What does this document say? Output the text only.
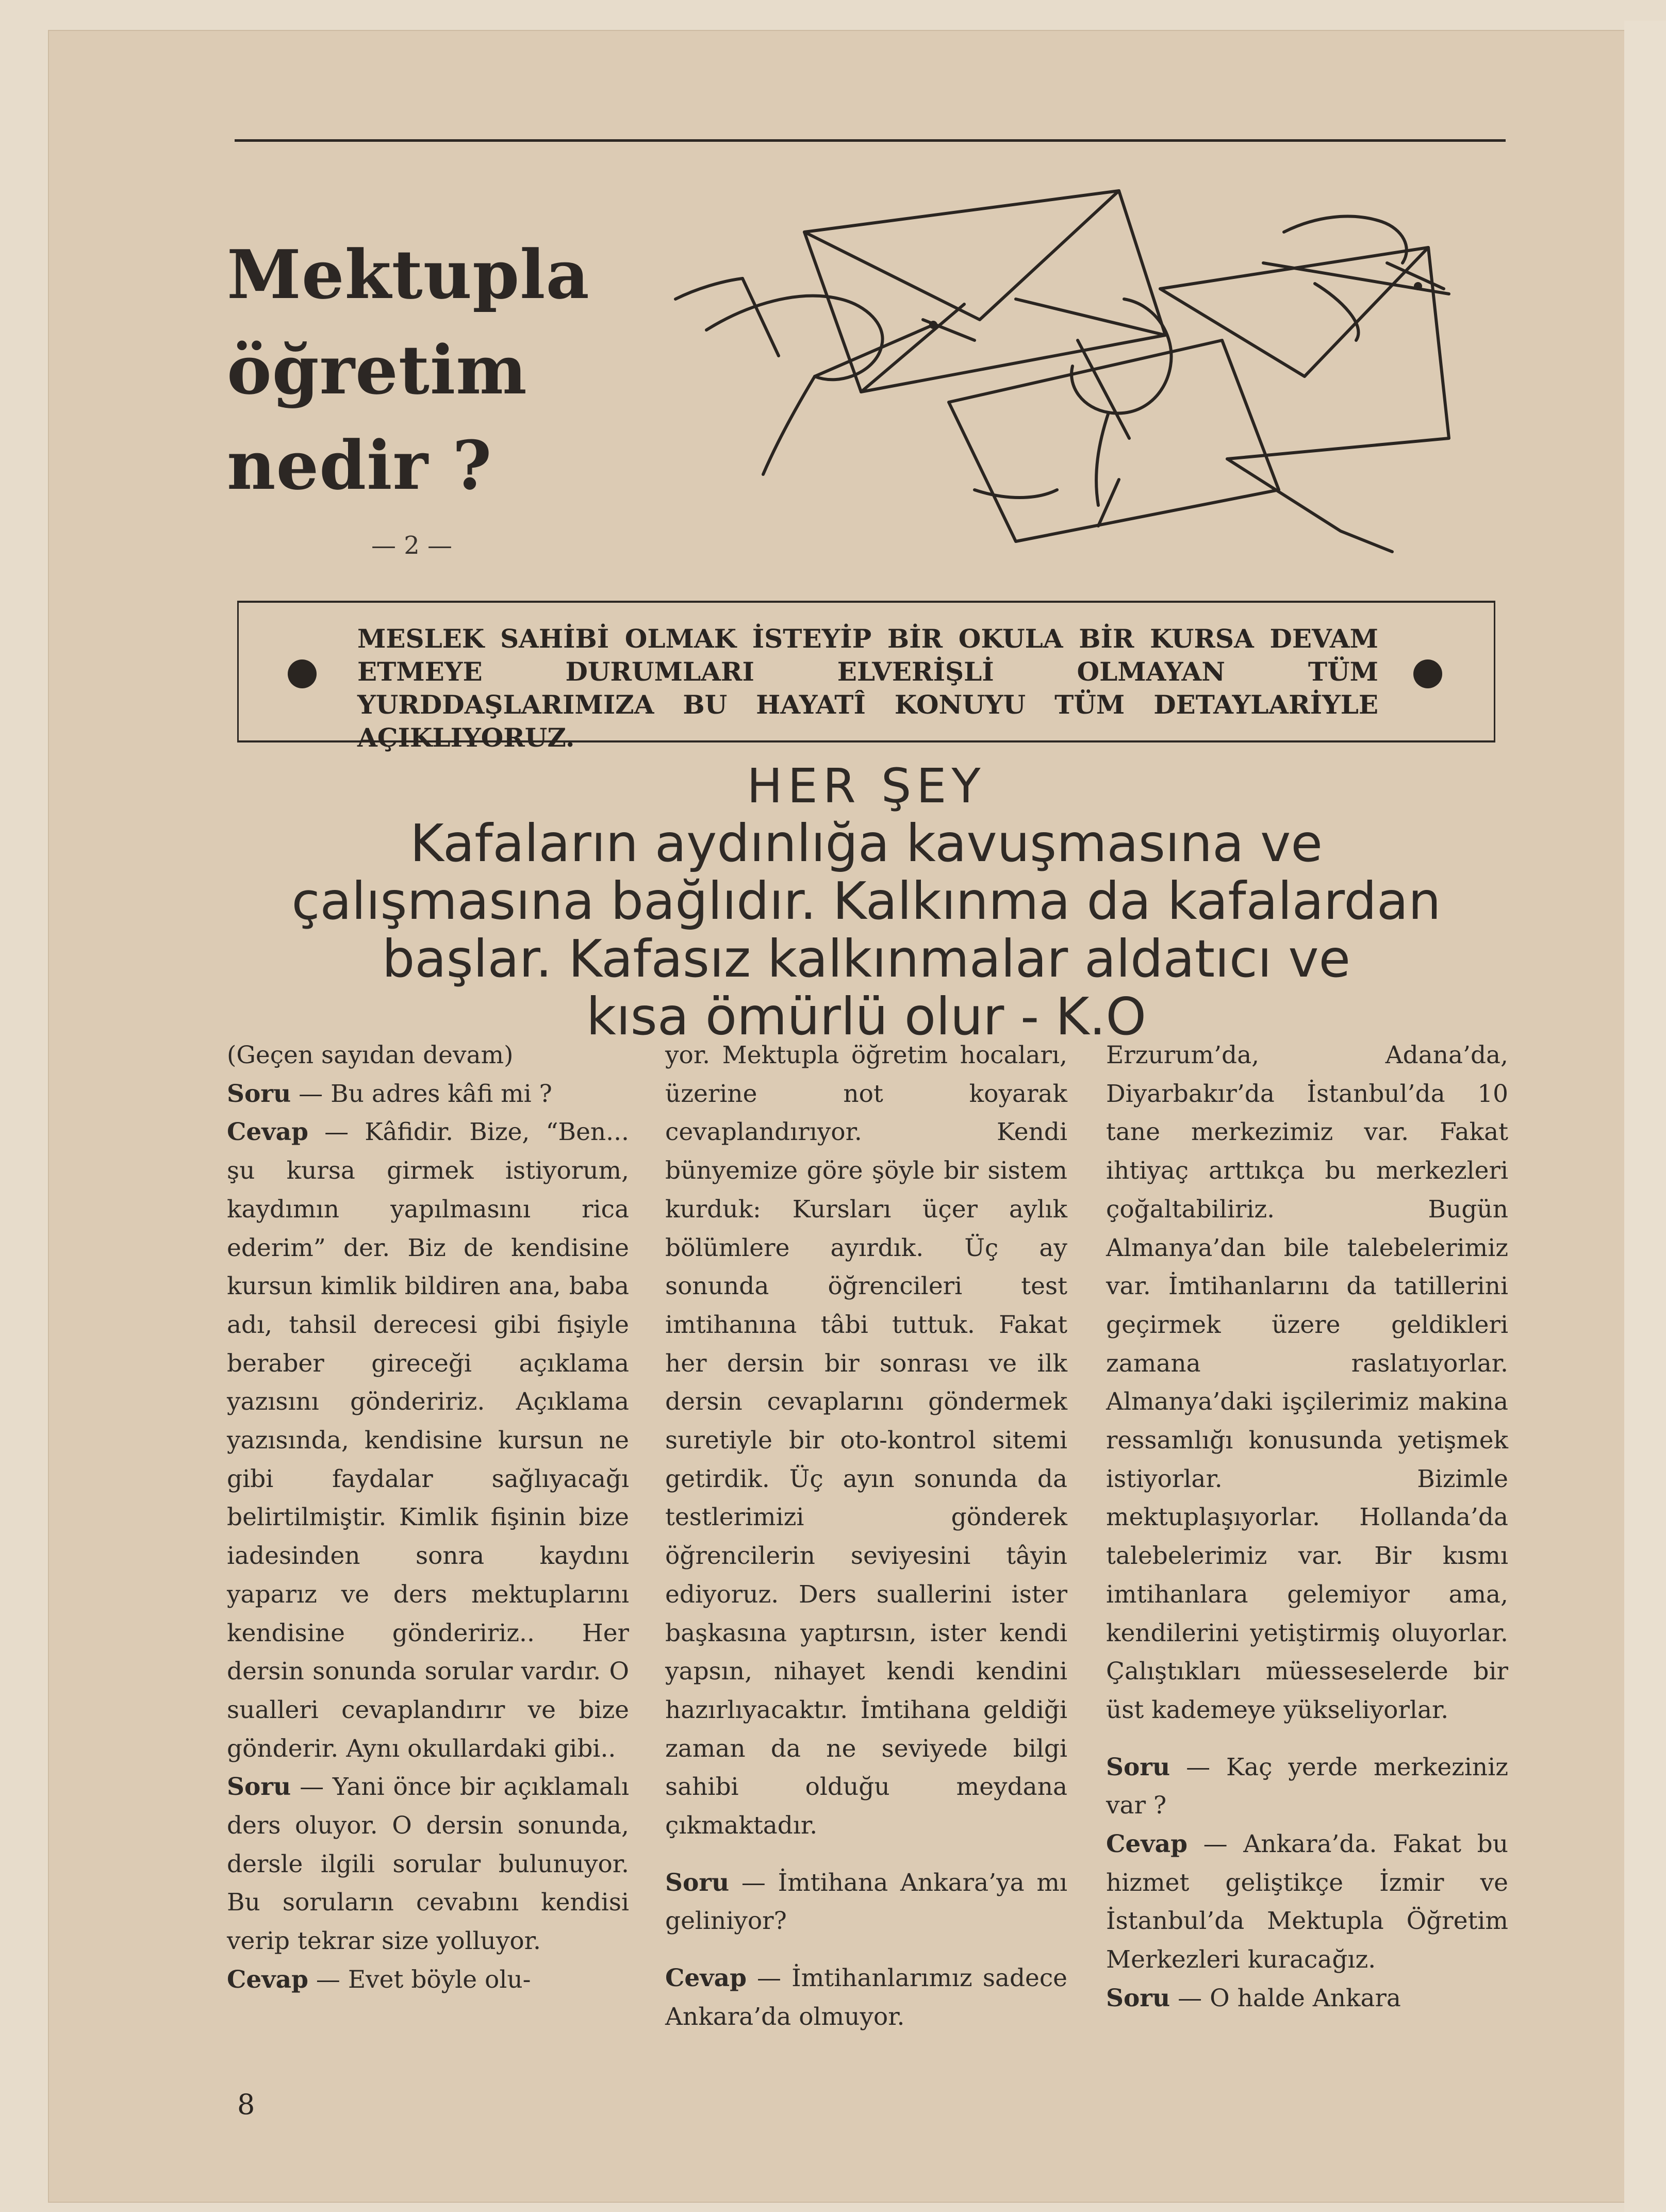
Mektupla
öğretim
nedir ?
— 2 —
MESLEK SAHİBİ OLMAK İSTEYİP BİR OKULA BİR KURSA DEVAM ETMEYE DURUMLARI ELVERİŞLİ OLMAYAN TÜM YURDDAŞLARIMIZA BU HAYATÎ KONUYU TÜM DETAYLARİYLE AÇIKLIYORUZ.
HER ŞEY
Kafaların aydınlığa kavuşmasına ve
çalışmasına bağlıdır. Kalkınma da kafalardan
başlar. Kafasız kalkınmalar aldatıcı ve
kısa ömürlü olur - K.O

(Geçen sayıdan devam)

Soru — Bu adres kâfi mi ?

Cevap — Kâfidir. Bize, “Ben... şu kursa girmek istiyorum, kaydımın yapılmasını rica ederim” der. Biz de kendisine kursun kimlik bildiren ana, baba adı, tahsil derecesi gibi fişiyle beraber gireceği açıklama yazısını göndeririz. Açıklama yazısında, kendisine kursun ne gibi faydalar sağlıyacağı belirtilmiştir. Kimlik fişinin bize iadesinden sonra kaydını yaparız ve ders mektuplarını kendisine göndeririz.. Her dersin sonunda sorular vardır. O sualleri cevaplandırır ve bize gönderir. Aynı okullardaki gibi..

Soru — Yani önce bir açıklamalı ders oluyor. O dersin sonunda, dersle ilgili sorular bulunuyor. Bu soruların cevabını kendisi verip tekrar size yolluyor.

Cevap — Evet böyle olu-

yor. Mektupla öğretim hocaları, üzerine not koyarak cevaplandırıyor. Kendi bünyemize göre şöyle bir sistem kurduk: Kursları üçer aylık bölümlere ayırdık. Üç ay sonunda öğrencileri test imtihanına tâbi tuttuk. Fakat her dersin bir sonrası ve ilk dersin cevaplarını göndermek suretiyle bir oto-kontrol sitemi getirdik. Üç ayın sonunda da testlerimizi gönderek öğrencilerin seviyesini tâyin ediyoruz. Ders suallerini ister başkasına yaptırsın, ister kendi yapsın, nihayet kendi kendini hazırlıyacaktır. İmtihana geldiği zaman da ne seviyede bilgi sahibi olduğu meydana çıkmaktadır.

Soru — İmtihana Ankara’ya mı geliniyor?

Cevap — İmtihanlarımız sadece Ankara’da olmuyor.

Erzurum’da, Adana’da, Diyarbakır’da İstanbul’da 10 tane merkezimiz var. Fakat ihtiyaç arttıkça bu merkezleri çoğaltabiliriz. Bugün Almanya’dan bile talebelerimiz var. İmtihanlarını da tatillerini geçirmek üzere geldikleri zamana raslatıyorlar. Almanya’daki işçilerimiz makina ressamlığı konusunda yetişmek istiyorlar. Bizimle mektuplaşıyorlar. Hollanda’da talebelerimiz var. Bir kısmı imtihanlara gelemiyor ama, kendilerini yetiştirmiş oluyorlar. Çalıştıkları müesseselerde bir üst kademeye yükseliyorlar.

Soru — Kaç yerde merkeziniz var ?

Cevap — Ankara’da. Fakat bu hizmet geliştikçe İzmir ve İstanbul’da Mektupla Öğretim Merkezleri kuracağız.

Soru — O halde Ankara

8
